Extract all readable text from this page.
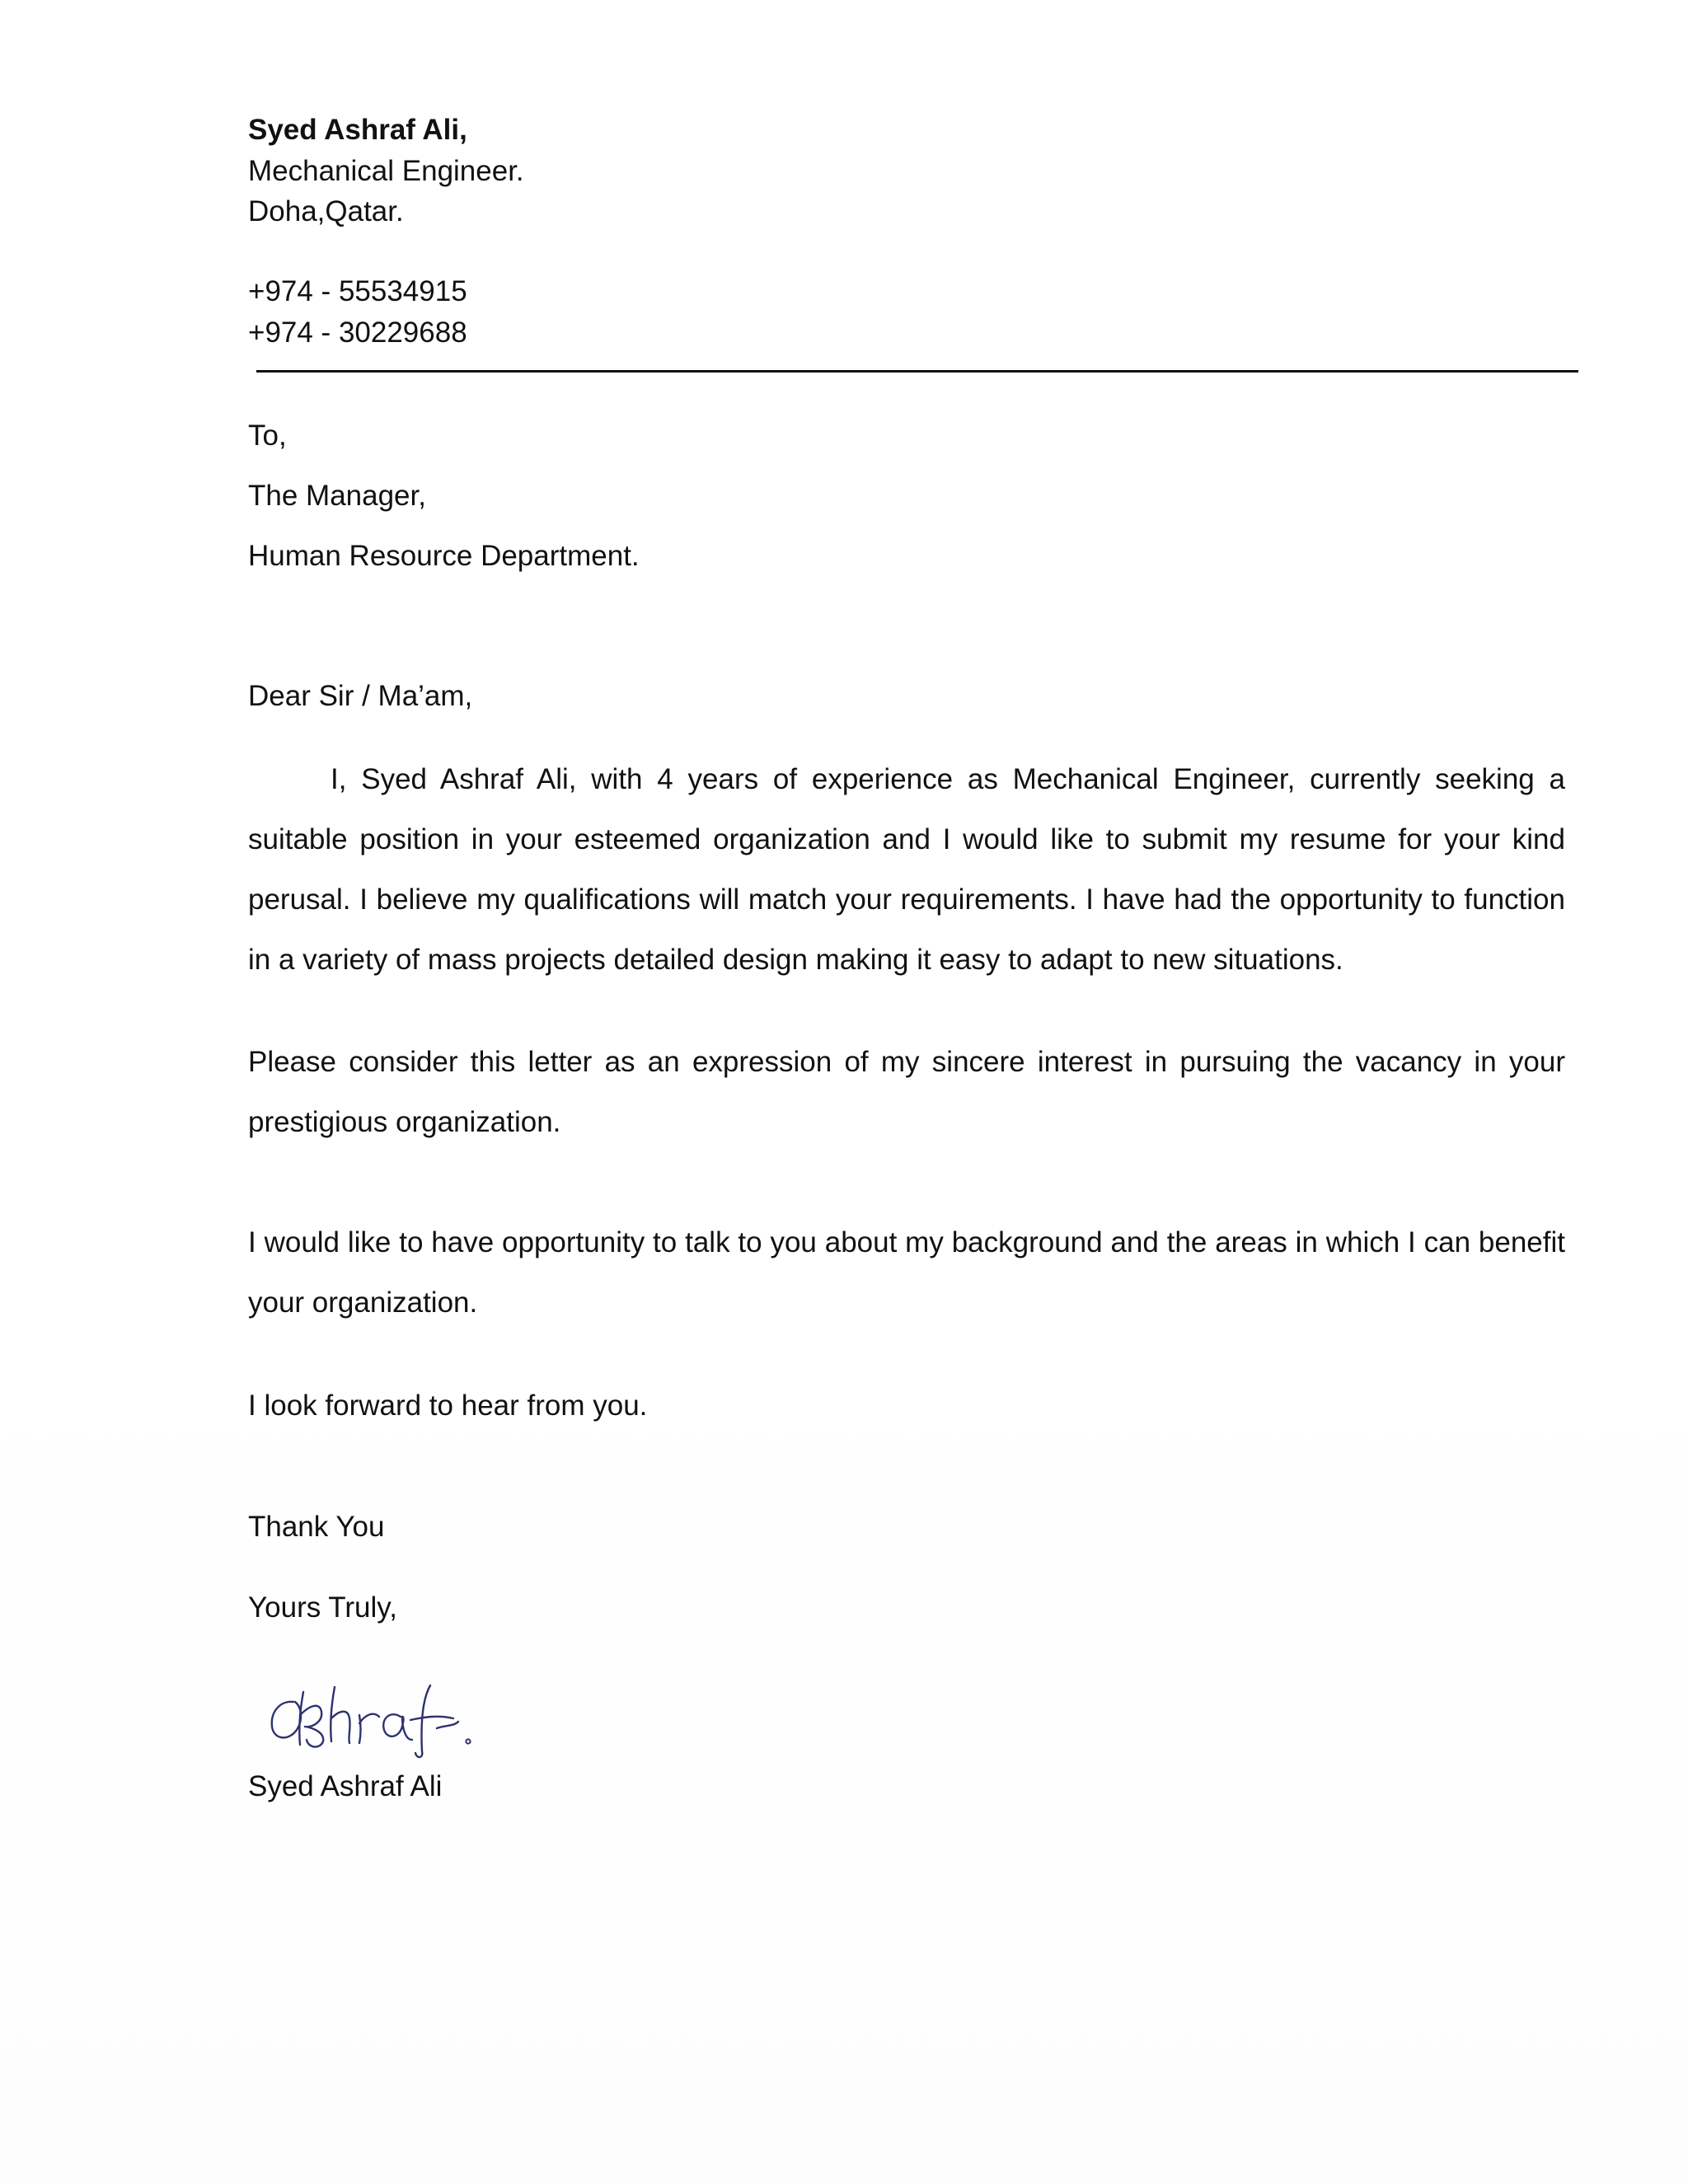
Syed Ashraf Ali,
Mechanical Engineer.
Doha,Qatar.
+974 - 55534915
+974 - 30229688
To,
The Manager,
Human Resource Department.
Dear Sir / Ma’am,
I, Syed Ashraf Ali, with 4 years of experience as Mechanical Engineer, currently seeking a suitable position in your esteemed organization and I would like to submit my resume for your kind perusal. I believe my qualifications will match your requirements. I have had the opportunity to function in a variety of mass projects detailed design making it easy to adapt to new situations.
Please consider this letter as an expression of my sincere interest in pursuing the vacancy in your prestigious organization.
I would like to have opportunity to talk to you about my background and the areas in which I can benefit your organization.
I look forward to hear from you.
Thank You
Yours Truly,
Syed Ashraf Ali
